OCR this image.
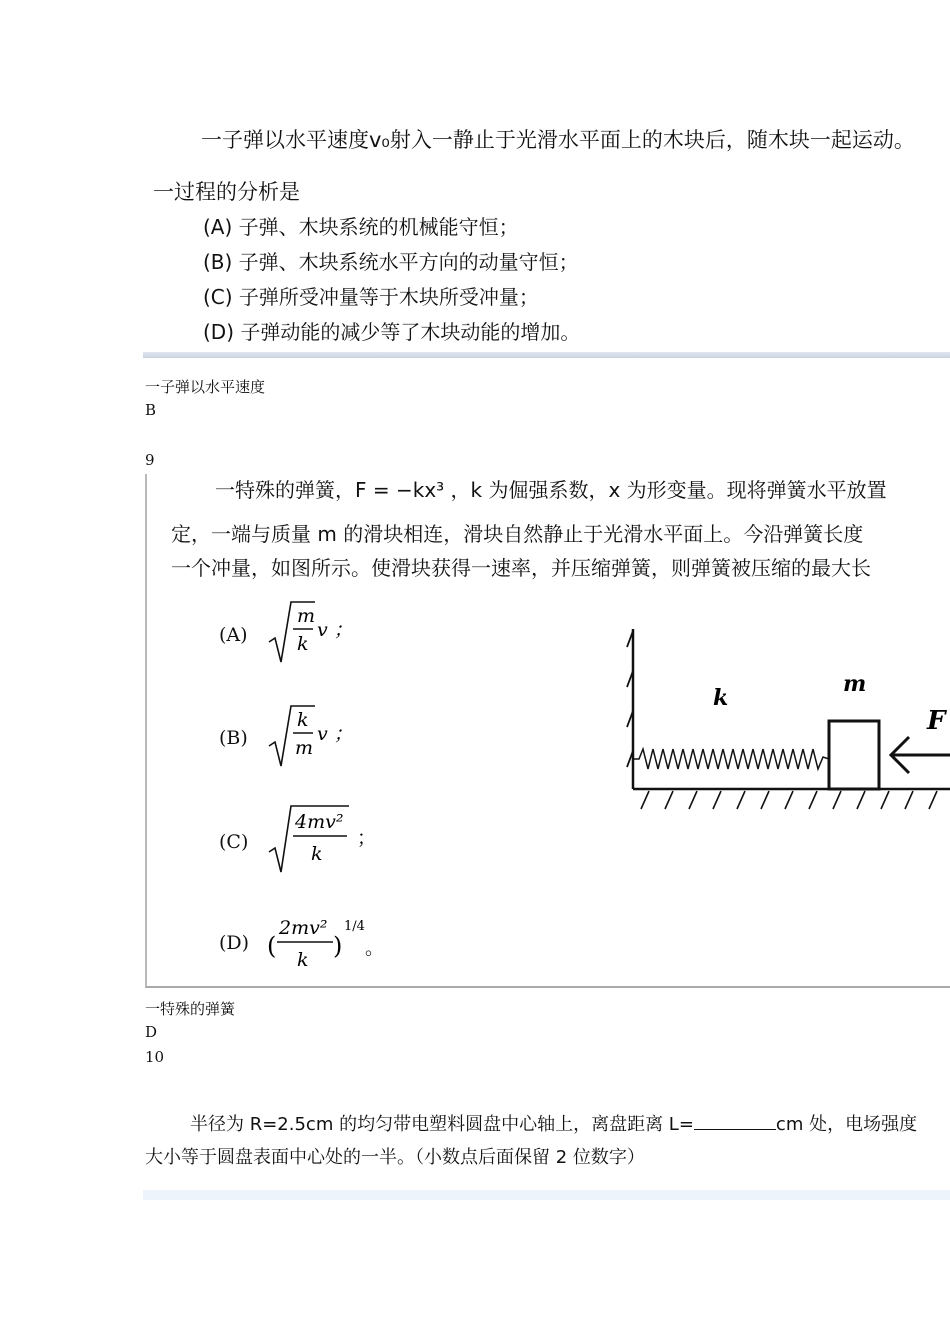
一子弹以水平速度v₀射入一静止于光滑水平面上的木块后，随木块一起运动。
一过程的分析是
(A) 子弹、木块系统的机械能守恒；
(B) 子弹、木块系统水平方向的动量守恒；
(C) 子弹所受冲量等于木块所受冲量；
(D) 子弹动能的减少等了木块动能的增加。
一子弹以水平速度
B
9
一特殊的弹簧，F = −kx³ ，k 为倔强系数，x 为形变量。现将弹簧水平放置
定，一端与质量 m 的滑块相连，滑块自然静止于光滑水平面上。今沿弹簧长度
一个冲量，如图所示。使滑块获得一速率，并压缩弹簧，则弹簧被压缩的最大长
(A)
m
k
v ；
(B)
k
m
v ；
(C)
4mv²
k
；
(D) (
2mv²
k )
1/4
。
k
m
F
一特殊的弹簧
D
10
半径为 R=2.5cm 的均匀带电塑料圆盘中心轴上，离盘距离 L=	cm 处，电场强度
大小等于圆盘表面中心处的一半。（小数点后面保留 2 位数字）
